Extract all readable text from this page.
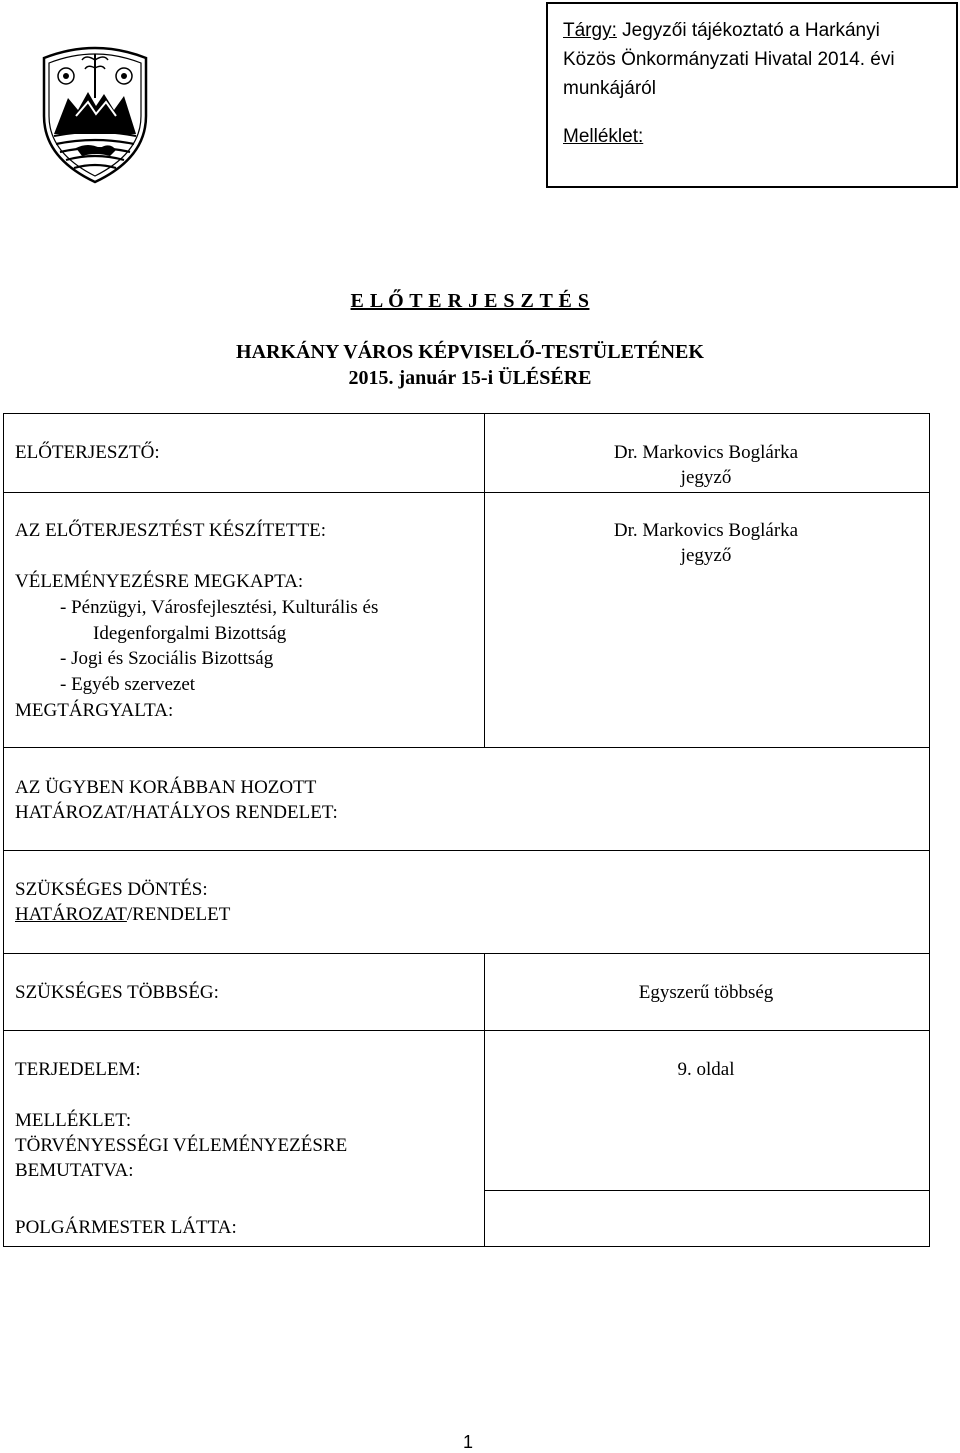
Tárgy: Jegyzői tájékoztató a Harkányi
Közös Önkormányzati Hivatal 2014. évi
munkájáról
Melléklet:
E L Ő T E R J E S Z T É S
HARKÁNY VÁROS KÉPVISELŐ-TESTÜLETÉNEK
2015. január 15-i ÜLÉSÉRE
ELŐTERJESZTŐ:	Dr. Markovics Boglárka
jegyző
AZ ELŐTERJESZTÉST KÉSZÍTETTE:	Dr. Markovics Boglárka
jegyző
VÉLEMÉNYEZÉSRE MEGKAPTA:
- Pénzügyi, Városfejlesztési, Kulturális és
Idegenforgalmi Bizottság
- Jogi és Szociális Bizottság
- Egyéb szervezet
MEGTÁRGYALTA:
AZ ÜGYBEN KORÁBBAN HOZOTT
HATÁROZAT/HATÁLYOS RENDELET:
SZÜKSÉGES DÖNTÉS:
HATÁROZAT/RENDELET
SZÜKSÉGES TÖBBSÉG:	Egyszerű többség
TERJEDELEM:	9. oldal
MELLÉKLET:
TÖRVÉNYESSÉGI VÉLEMÉNYEZÉSRE
BEMUTATVA:
POLGÁRMESTER LÁTTA:
1
